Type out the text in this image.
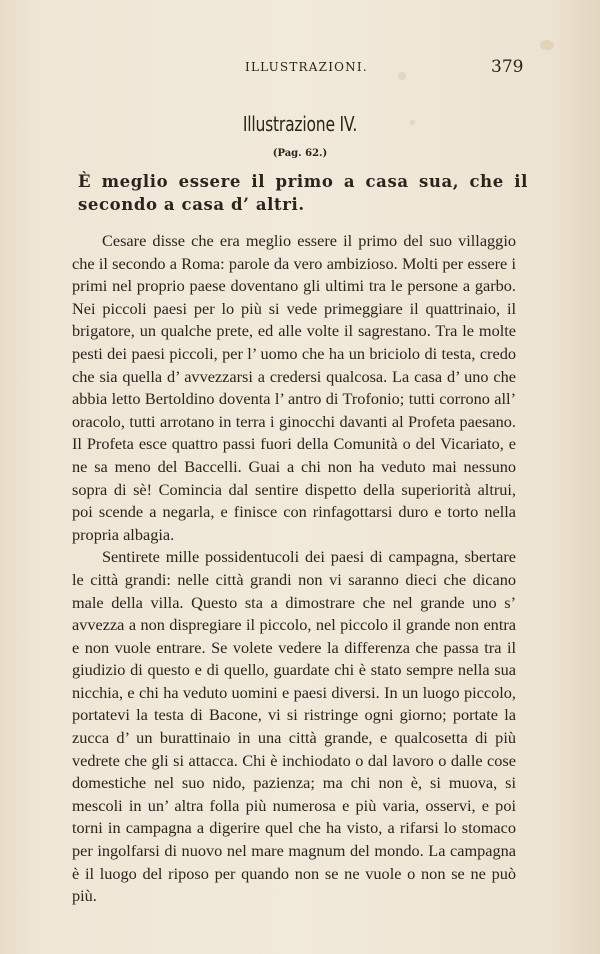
ILLUSTRAZIONI.	379
Illustrazione IV.
(Pag. 62.)
È meglio essere il primo a casa sua, che il secondo a casa d’ altri.

Cesare disse che era meglio essere il primo del suo villaggio che il secondo a Roma: parole da vero ambizioso. Molti per essere i primi nel proprio paese doventano gli ultimi tra le persone a garbo. Nei piccoli paesi per lo più si vede primeggiare il quattrinaio, il brigatore, un qualche prete, ed alle volte il sagrestano. Tra le molte pesti dei paesi piccoli, per l’ uomo che ha un briciolo di testa, credo che sia quella d’ avvezzarsi a credersi qualcosa. La casa d’ uno che abbia letto Bertoldino doventa l’ antro di Trofonio; tutti corrono all’ oracolo, tutti arrotano in terra i ginocchi davanti al Profeta paesano. Il Profeta esce quattro passi fuori della Comunità o del Vicariato, e ne sa meno del Baccelli. Guai a chi non ha veduto mai nessuno sopra di sè! Comincia dal sentire dispetto della superiorità altrui, poi scende a negarla, e finisce con rinfagottarsi duro e torto nella propria albagia.

Sentirete mille possidentucoli dei paesi di campagna, sbertare le città grandi: nelle città grandi non vi saranno dieci che dicano male della villa. Questo sta a dimostrare che nel grande uno s’ avvezza a non dispregiare il piccolo, nel piccolo il grande non entra e non vuole entrare. Se volete vedere la differenza che passa tra il giudizio di questo e di quello, guardate chi è stato sempre nella sua nicchia, e chi ha veduto uomini e paesi diversi. In un luogo piccolo, portatevi la testa di Bacone, vi si ristringe ogni giorno; portate la zucca d’ un burattinaio in una città grande, e qualcosetta di più vedrete che gli si attacca. Chi è inchiodato o dal lavoro o dalle cose domestiche nel suo nido, pazienza; ma chi non è, si muova, si mescoli in un’ altra folla più numerosa e più varia, osservi, e poi torni in campagna a digerire quel che ha visto, a rifarsi lo stomaco per ingolfarsi di nuovo nel mare magnum del mondo. La campagna è il luogo del riposo per quando non se ne vuole o non se ne può più.
